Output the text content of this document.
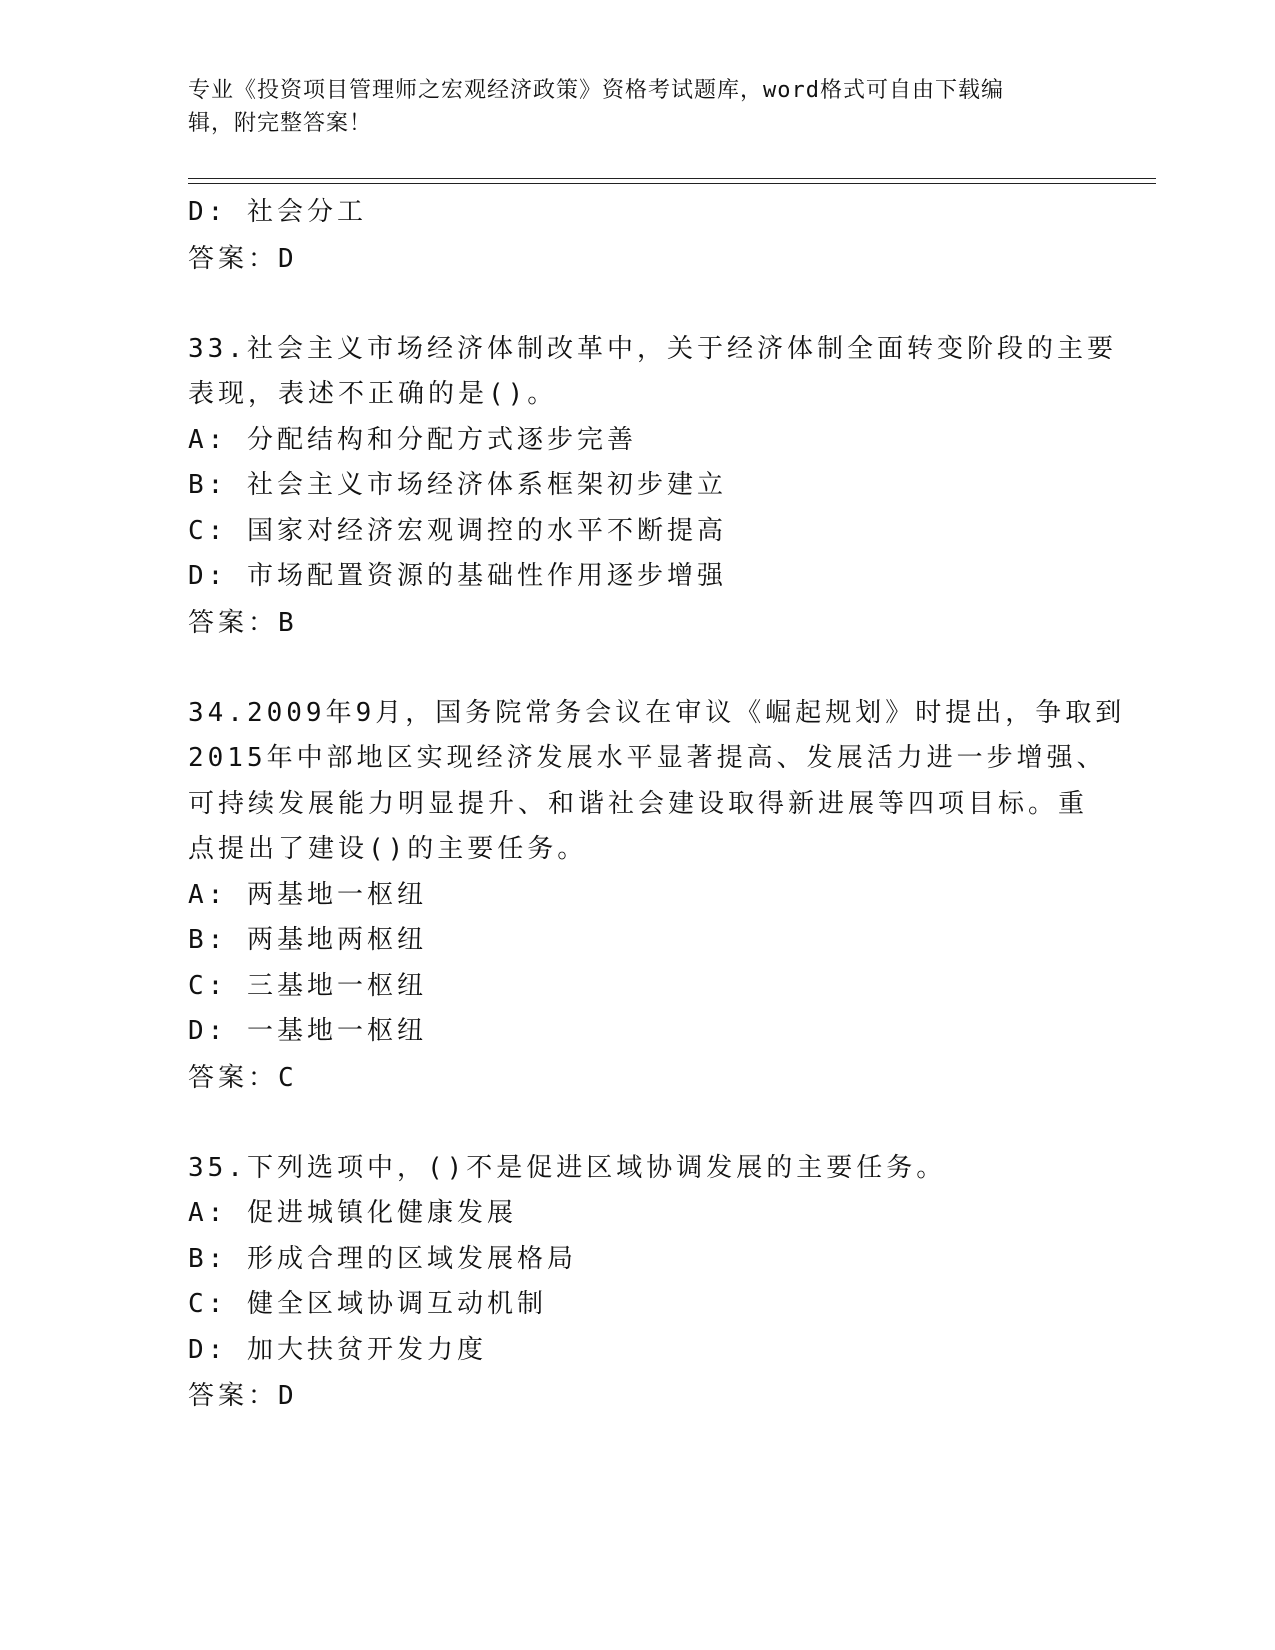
专业《投资项目管理师之宏观经济政策》资格考试题库，word格式可自由下载编
辑，附完整答案！

D: 社会分工

答案：D

33.社会主义市场经济体制改革中，关于经济体制全面转变阶段的主要

表现，表述不正确的是()。

A: 分配结构和分配方式逐步完善

B: 社会主义市场经济体系框架初步建立

C: 国家对经济宏观调控的水平不断提高

D: 市场配置资源的基础性作用逐步增强

答案：B

34.2009年9月，国务院常务会议在审议《崛起规划》时提出，争取到

2015年中部地区实现经济发展水平显著提高、发展活力进一步增强、

可持续发展能力明显提升、和谐社会建设取得新进展等四项目标。重

点提出了建设()的主要任务。

A: 两基地一枢纽

B: 两基地两枢纽

C: 三基地一枢纽

D: 一基地一枢纽

答案：C

35.下列选项中，()不是促进区域协调发展的主要任务。

A: 促进城镇化健康发展

B: 形成合理的区域发展格局

C: 健全区域协调互动机制

D: 加大扶贫开发力度

答案：D
